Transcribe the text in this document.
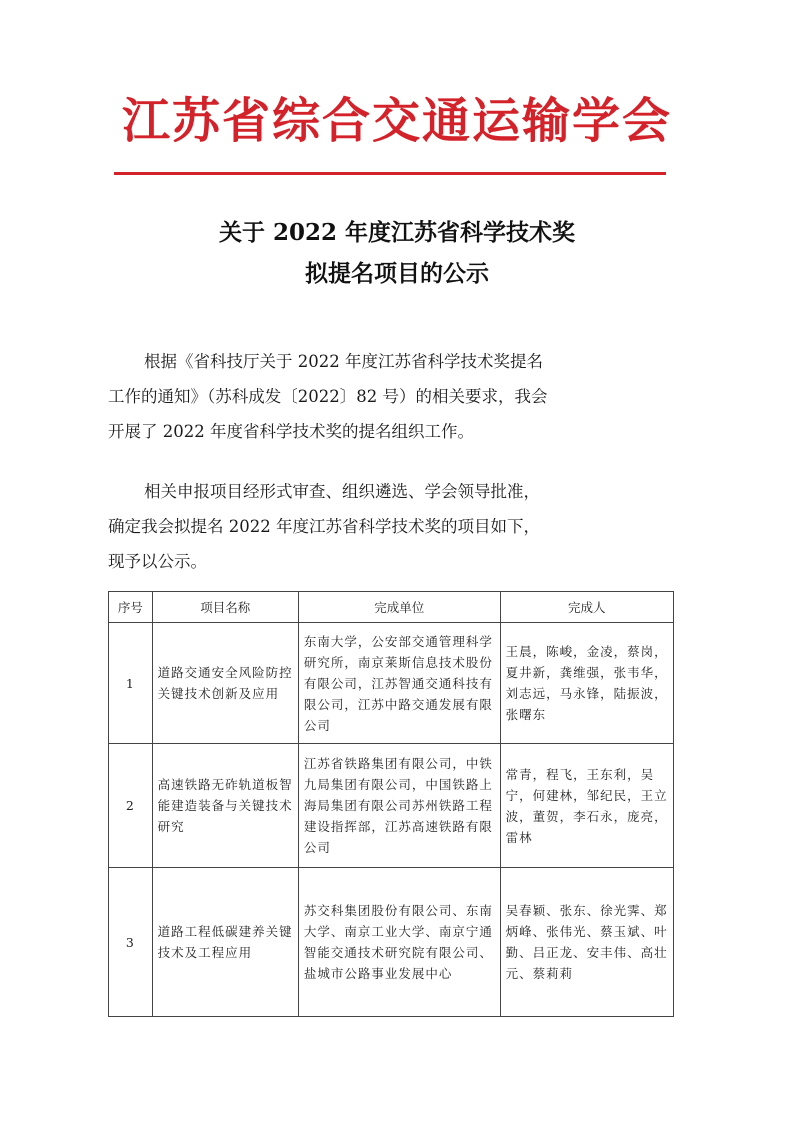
江苏省综合交通运输学会
关于 2022 年度江苏省科学技术奖
拟提名项目的公示
根据《省科技厅关于 2022 年度江苏省科学技术奖提名
工作的通知》（苏科成发〔2022〕82 号）的相关要求，我会
开展了 2022 年度省科学技术奖的提名组织工作。
相关申报项目经形式审查、组织遴选、学会领导批准，
确定我会拟提名 2022 年度江苏省科学技术奖的项目如下，
现予以公示。
序号	项目名称	完成单位	完成人
1	道路交通安全风险防控关键技术创新及应用	东南大学，公安部交通管理科学研究所，南京莱斯信息技术股份有限公司，江苏智通交通科技有限公司，江苏中路交通发展有限公司	王晨，陈峻，金凌，蔡岗，夏井新，龚维强，张韦华，刘志远，马永锋，陆振波，张曙东
2	高速铁路无砟轨道板智能建造装备与关键技术研究	江苏省铁路集团有限公司，中铁九局集团有限公司，中国铁路上海局集团有限公司苏州铁路工程建设指挥部，江苏高速铁路有限公司	常青，程飞，王东利，吴宁，何建林，邹纪民，王立波，董贺，李石永，庞亮，雷林
3	道路工程低碳建养关键技术及工程应用	苏交科集团股份有限公司、东南大学、南京工业大学、南京宁通智能交通技术研究院有限公司、盐城市公路事业发展中心	吴春颖、张东、徐光霁、郑炳峰、张伟光、蔡玉斌、叶勤、吕正龙、安丰伟、高壮元、蔡莉莉
